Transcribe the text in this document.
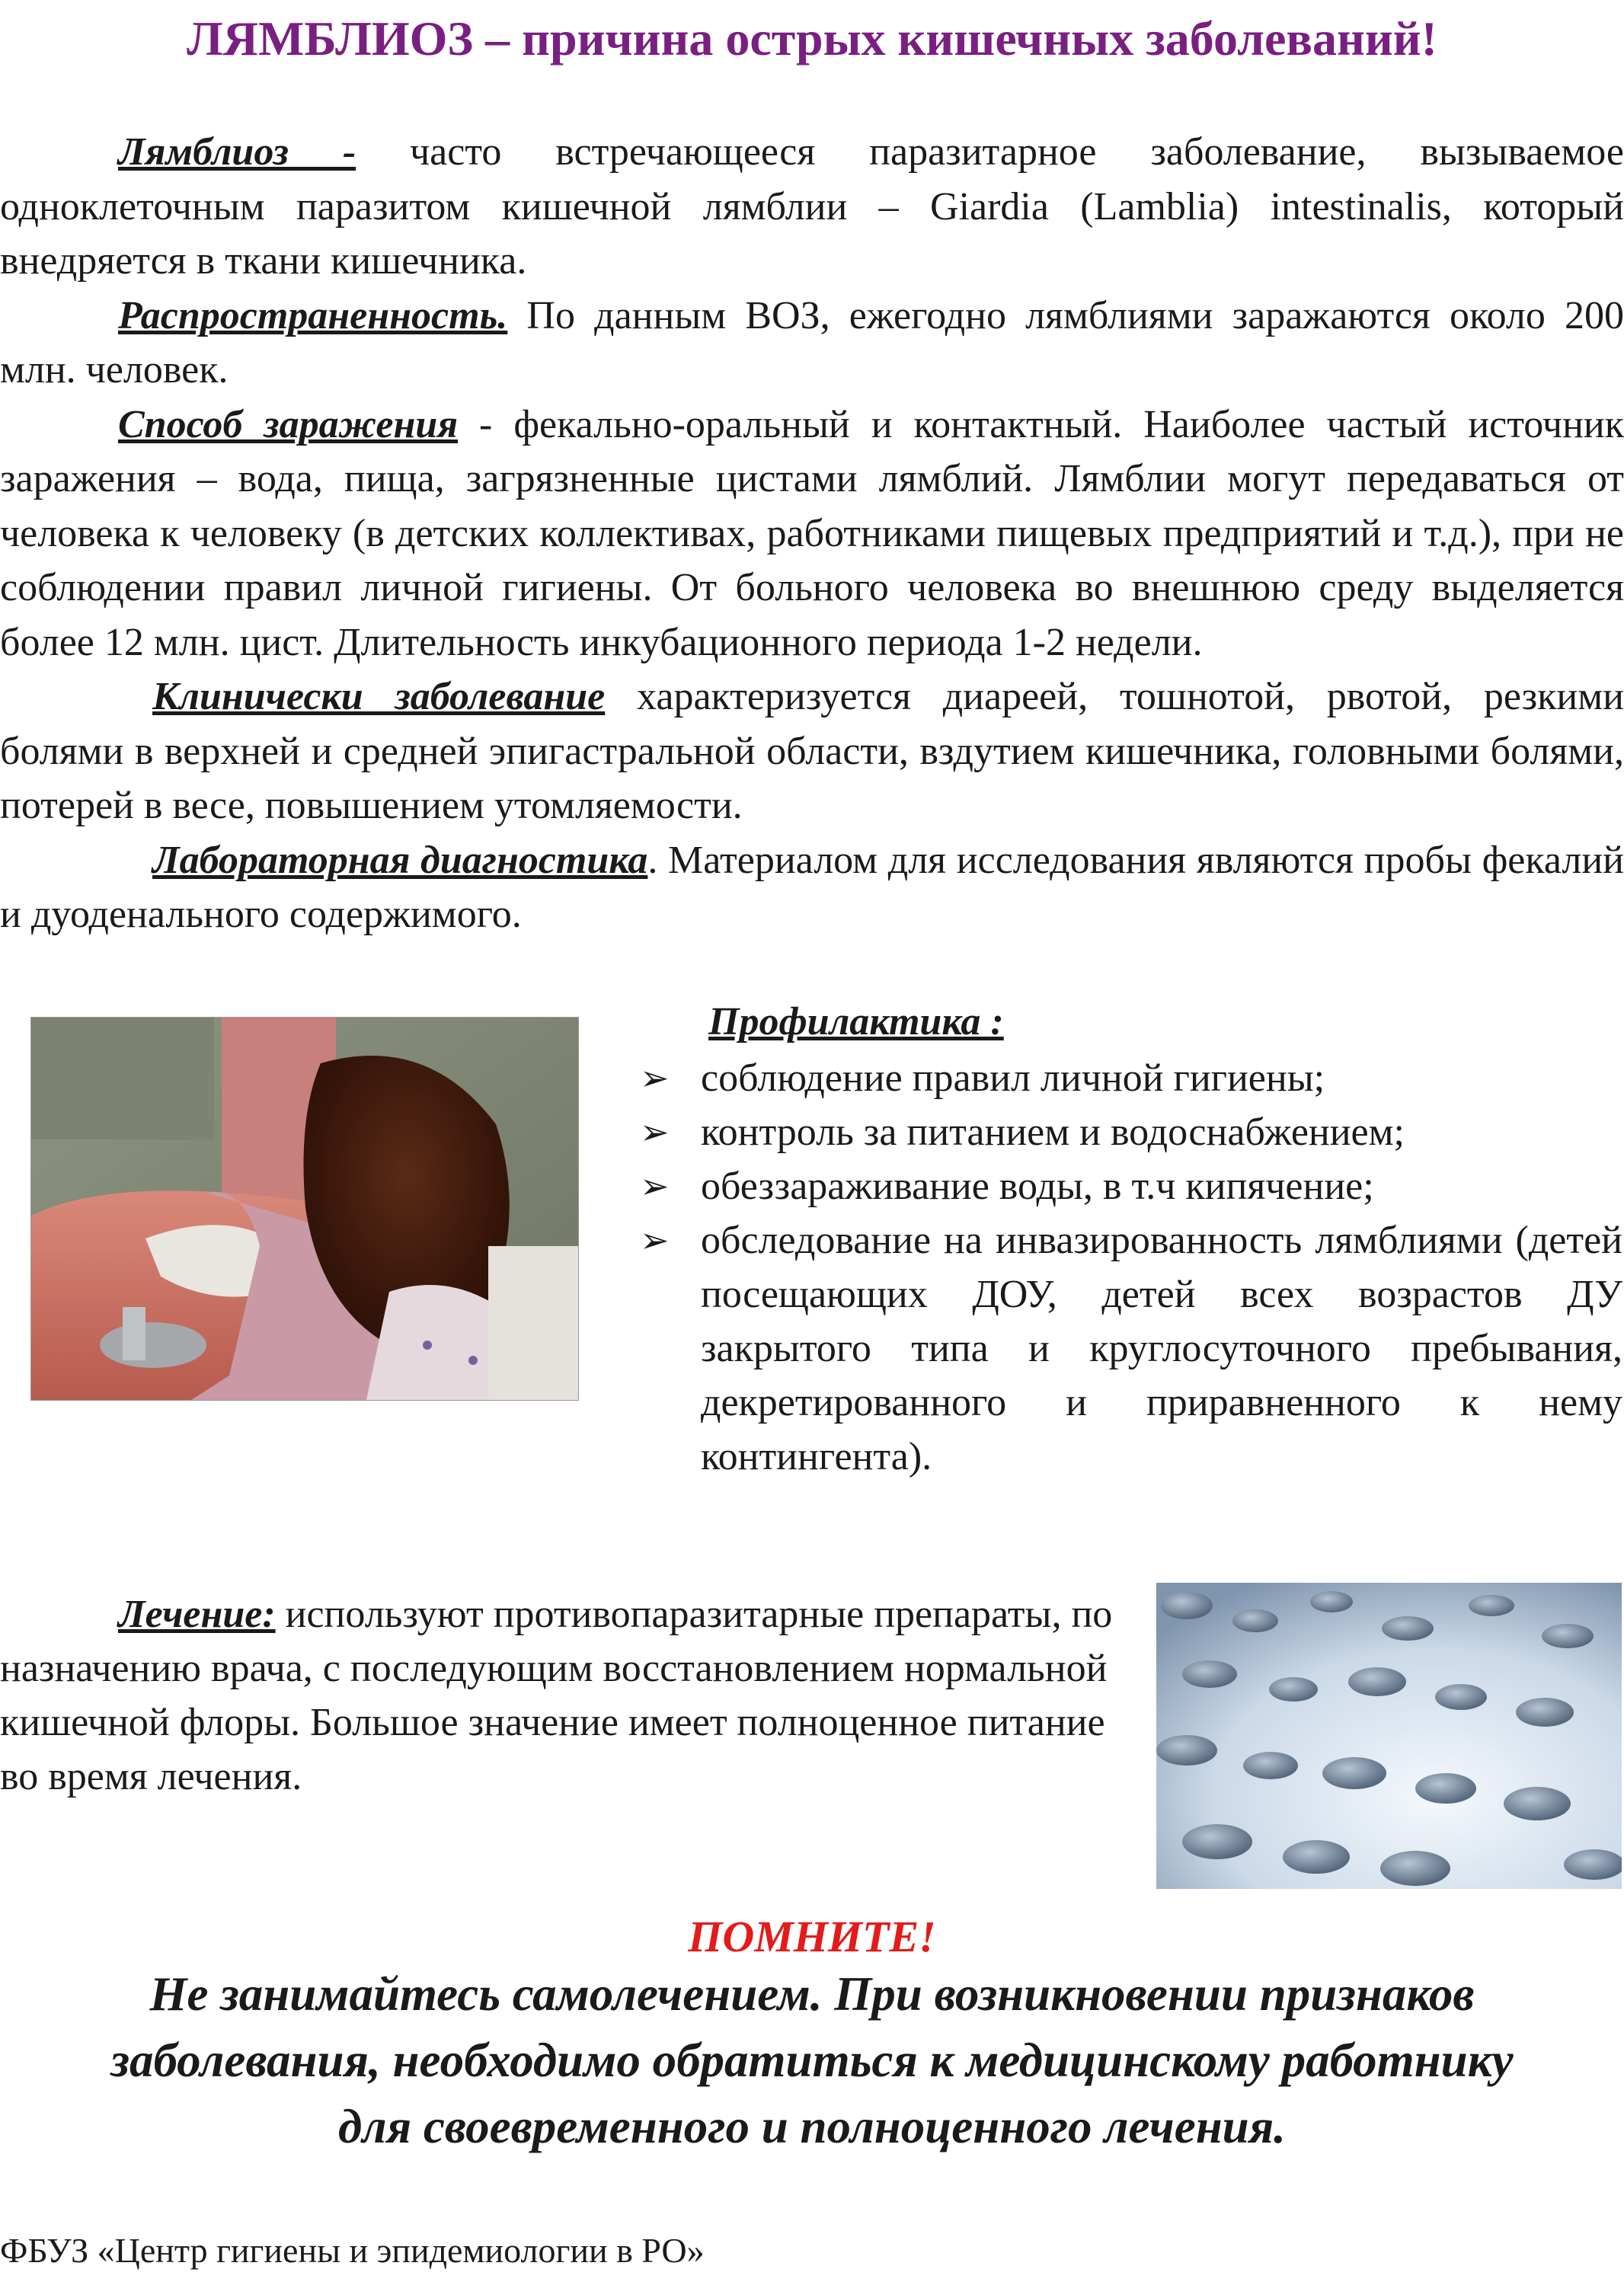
ЛЯМБЛИОЗ – причина острых кишечных заболеваний!

Лямблиоз - часто встречающееся паразитарное заболевание, вызываемое одноклеточным паразитом кишечной лямблии – Giardia (Lamblia) intestinalis, который внедряется в ткани кишечника.

Распространенность. По данным ВОЗ, ежегодно лямблиями заражаются около 200 млн. человек.

Способ заражения - фекально-оральный и контактный. Наиболее частый источник заражения – вода, пища, загрязненные цистами лямблий. Лямблии могут передаваться от человека к человеку (в детских коллективах, работниками пищевых предприятий и т.д.), при не соблюдении правил личной гигиены. От больного человека во внешнюю среду выделяется более 12 млн. цист. Длительность инкубационного периода 1-2 недели.

Клинически заболевание характеризуется диареей, тошнотой, рвотой, резкими болями в верхней и средней эпигастральной области, вздутием кишечника, головными болями, потерей в весе, повышением утомляемости.

Лабораторная диагностика. Материалом для исследования являются пробы фекалий и дуоденального содержимого.

Профилактика :
➢ соблюдение правил личной гигиены;
➢ контроль за питанием и водоснабжением;
➢ обеззараживание воды, в т.ч кипячение;
➢ обследование на инвазированность лямблиями (детей посещающих ДОУ, детей всех возрастов ДУ закрытого типа и круглосуточного пребывания, декретированного и приравненного к нему контингента).

Лечение: используют противопаразитарные препараты, по назначению врача, с последующим восстановлением нормальной кишечной флоры. Большое значение имеет полноценное питание во время лечения.

ПОМНИТЕ!

Не занимайтесь самолечением. При возникновении признаков
заболевания, необходимо обратиться к медицинскому работнику
для своевременного и полноценного лечения.

ФБУЗ «Центр гигиены и эпидемиологии в РО»
